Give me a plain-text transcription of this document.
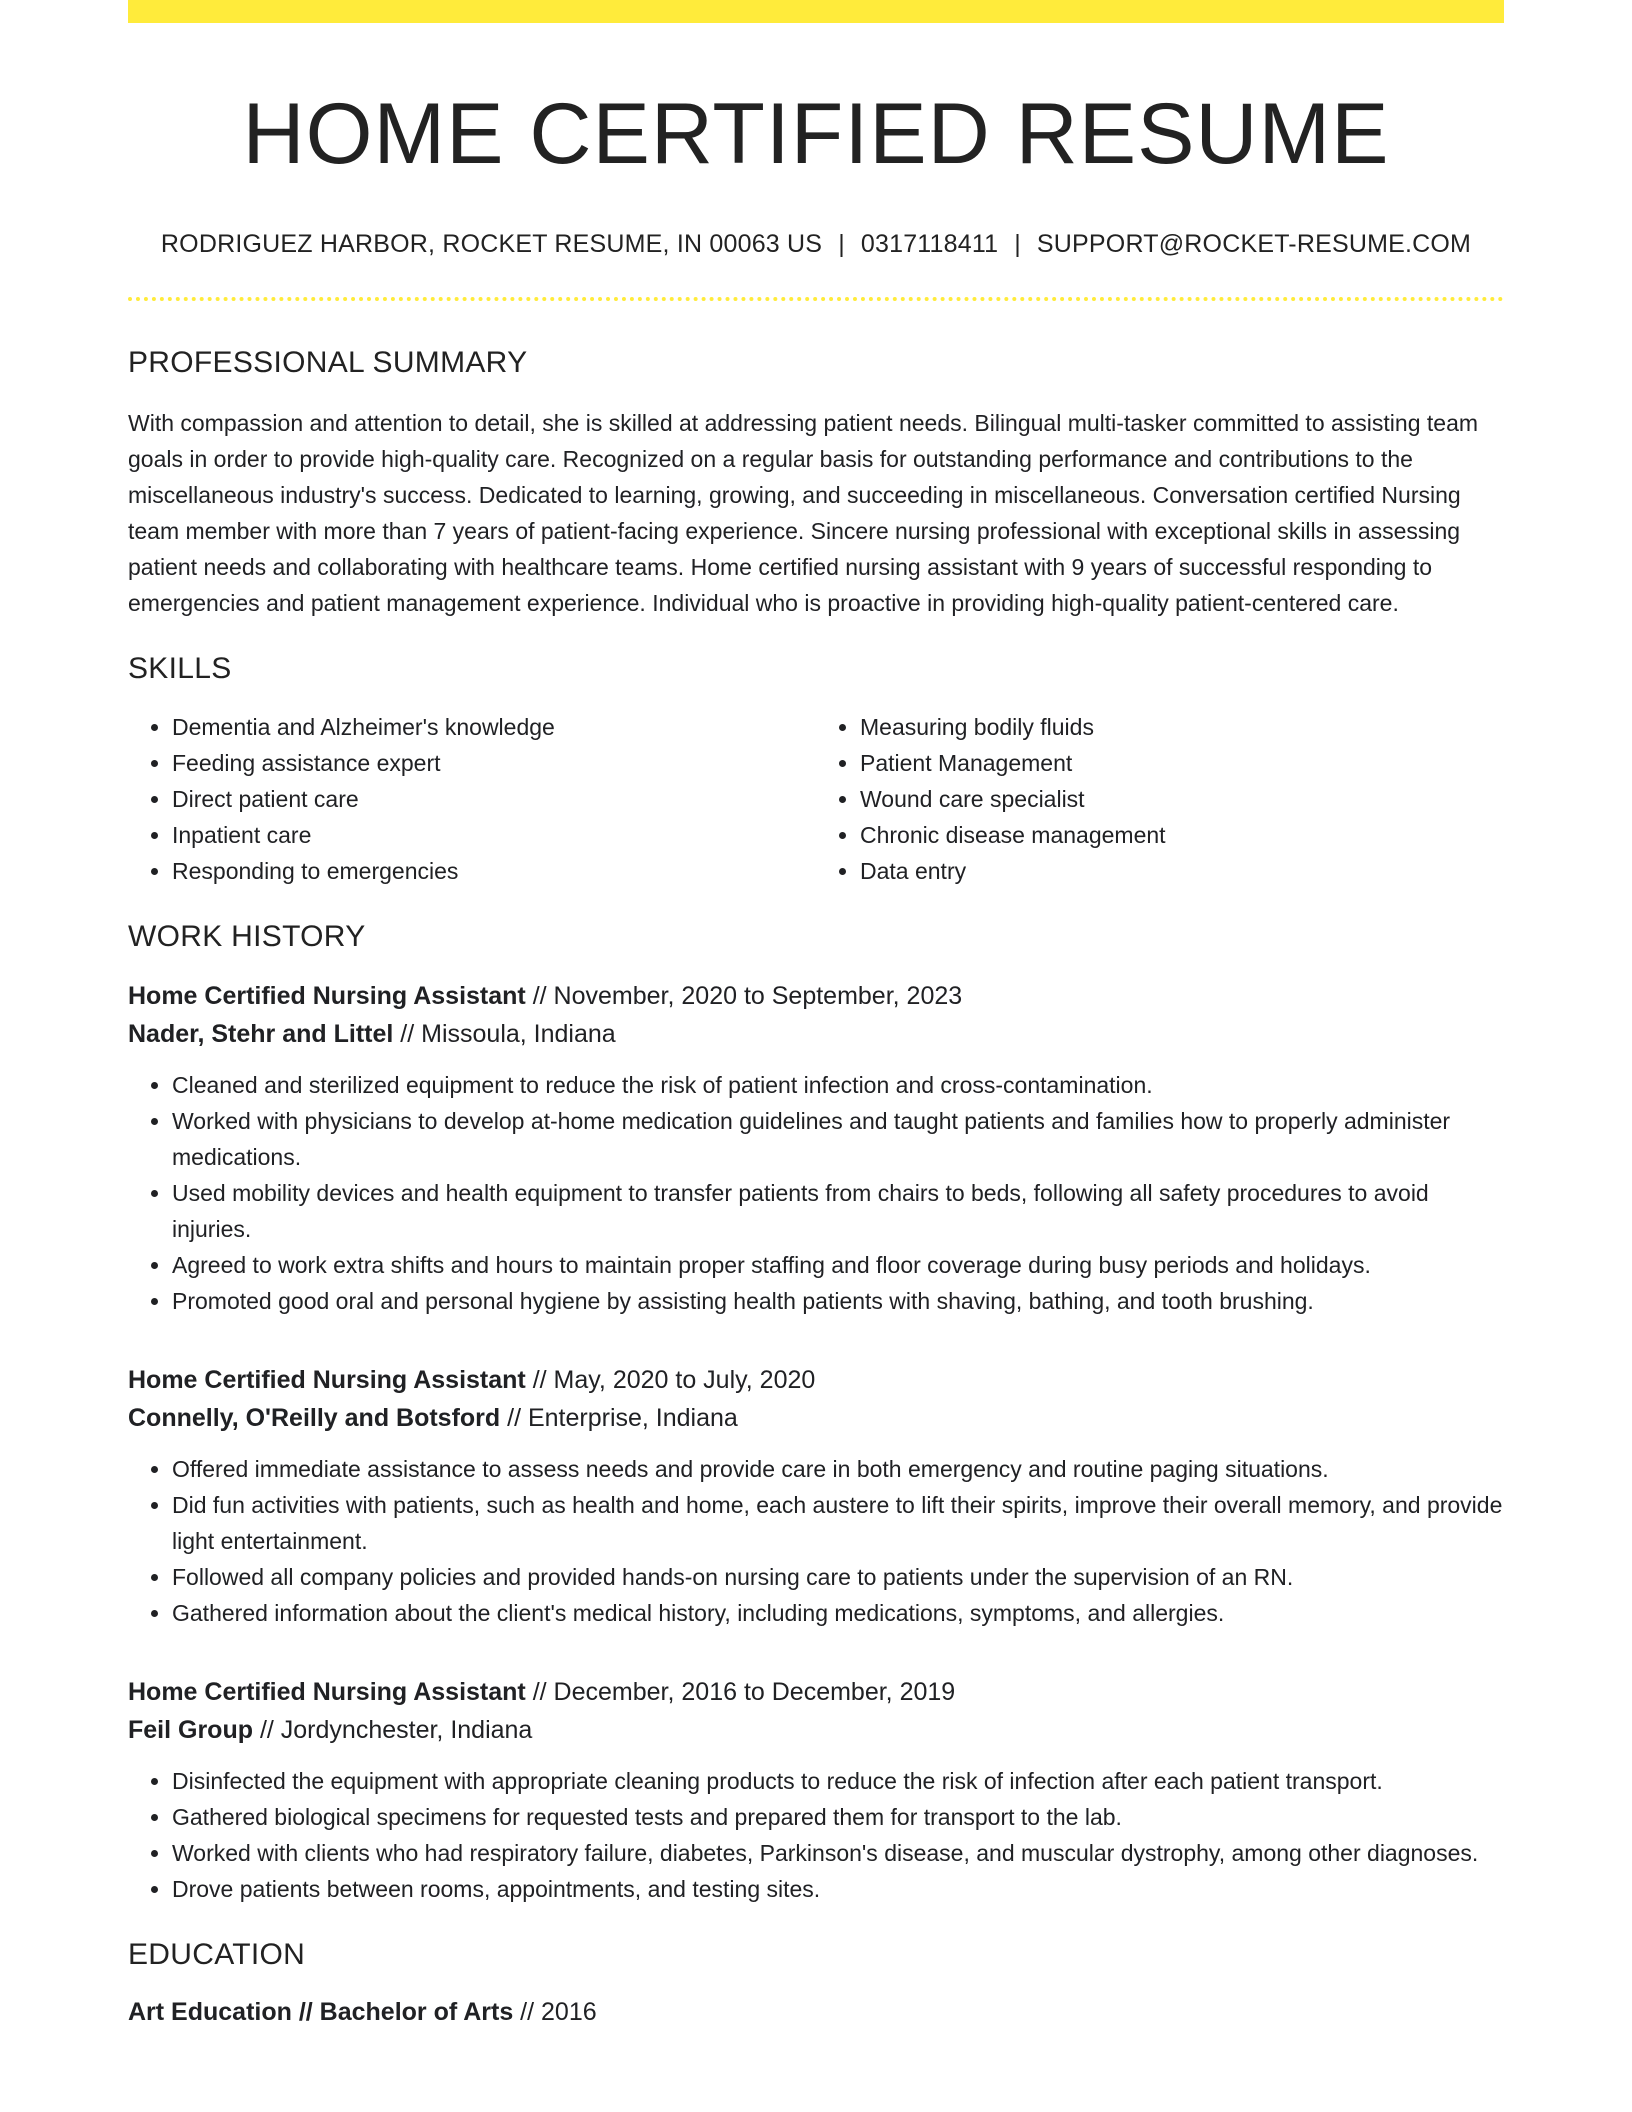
HOME CERTIFIED RESUME
RODRIGUEZ HARBOR, ROCKET RESUME, IN 00063 US | 0317118411 | SUPPORT@ROCKET-RESUME.COM
PROFESSIONAL SUMMARY
With compassion and attention to detail, she is skilled at addressing patient needs. Bilingual multi-tasker committed to assisting team goals in order to provide high-quality care. Recognized on a regular basis for outstanding performance and contributions to the miscellaneous industry's success. Dedicated to learning, growing, and succeeding in miscellaneous. Conversation certified Nursing team member with more than 7 years of patient-facing experience. Sincere nursing professional with exceptional skills in assessing patient needs and collaborating with healthcare teams. Home certified nursing assistant with 9 years of successful responding to emergencies and patient management experience. Individual who is proactive in providing high-quality patient-centered care.
SKILLS
• Dementia and Alzheimer's knowledge
• Feeding assistance expert
• Direct patient care
• Inpatient care
• Responding to emergencies
• Measuring bodily fluids
• Patient Management
• Wound care specialist
• Chronic disease management
• Data entry
WORK HISTORY
Home Certified Nursing Assistant // November, 2020 to September, 2023
Nader, Stehr and Littel // Missoula, Indiana
• Cleaned and sterilized equipment to reduce the risk of patient infection and cross-contamination.
• Worked with physicians to develop at-home medication guidelines and taught patients and families how to properly administer medications.
• Used mobility devices and health equipment to transfer patients from chairs to beds, following all safety procedures to avoid injuries.
• Agreed to work extra shifts and hours to maintain proper staffing and floor coverage during busy periods and holidays.
• Promoted good oral and personal hygiene by assisting health patients with shaving, bathing, and tooth brushing.
Home Certified Nursing Assistant // May, 2020 to July, 2020
Connelly, O'Reilly and Botsford // Enterprise, Indiana
• Offered immediate assistance to assess needs and provide care in both emergency and routine paging situations.
• Did fun activities with patients, such as health and home, each austere to lift their spirits, improve their overall memory, and provide light entertainment.
• Followed all company policies and provided hands-on nursing care to patients under the supervision of an RN.
• Gathered information about the client's medical history, including medications, symptoms, and allergies.
Home Certified Nursing Assistant // December, 2016 to December, 2019
Feil Group // Jordynchester, Indiana
• Disinfected the equipment with appropriate cleaning products to reduce the risk of infection after each patient transport.
• Gathered biological specimens for requested tests and prepared them for transport to the lab.
• Worked with clients who had respiratory failure, diabetes, Parkinson's disease, and muscular dystrophy, among other diagnoses.
• Drove patients between rooms, appointments, and testing sites.
EDUCATION
Art Education // Bachelor of Arts // 2016
